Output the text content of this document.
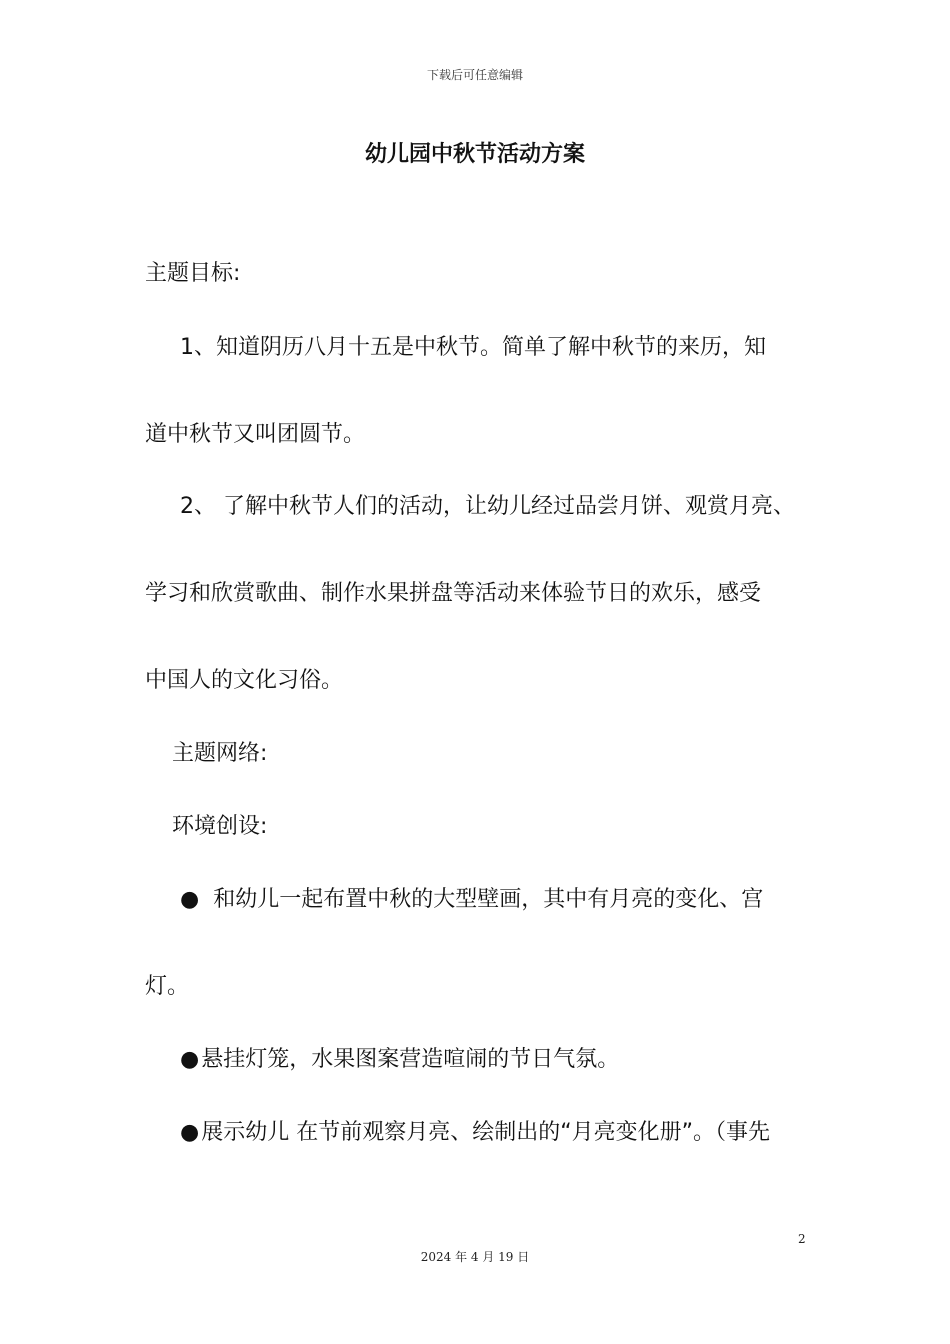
下载后可任意编辑
幼儿园中秋节活动方案
主题目标:
1、知道阴历八月十五是中秋节。简单了解中秋节的来历，知
道中秋节又叫团圆节。
2、 了解中秋节人们的活动，让幼儿经过品尝月饼、观赏月亮、
学习和欣赏歌曲、制作水果拼盘等活动来体验节日的欢乐，感受
中国人的文化习俗。
主题网络:
环境创设:
● 和幼儿一起布置中秋的大型壁画，其中有月亮的变化、宫
灯。
●悬挂灯笼，水果图案营造喧闹的节日气氛。
●展示幼儿 在节前观察月亮、绘制出的“月亮变化册”。（事先
2
2024 年 4 月 19 日
